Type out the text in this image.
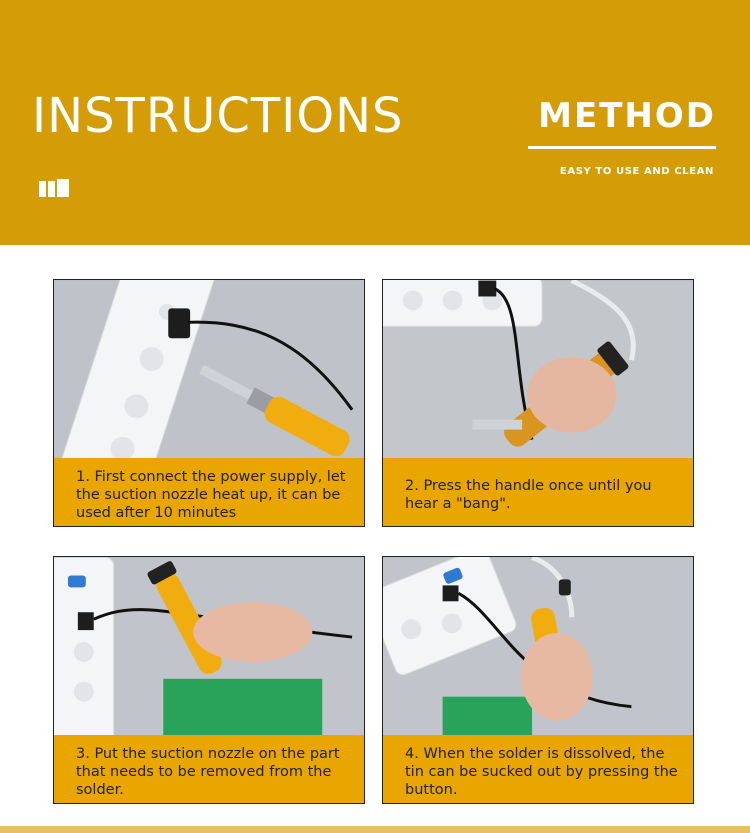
INSTRUCTIONS	METHOD
EASY TO USE AND CLEAN
1. First connect the power supply, let the suction nozzle heat up, it can be used after 10 minutes
2. Press the handle once until you hear a "bang".
3. Put the suction nozzle on the part that needs to be removed from the solder.
4. When the solder is dissolved, the tin can be sucked out by pressing the button.
